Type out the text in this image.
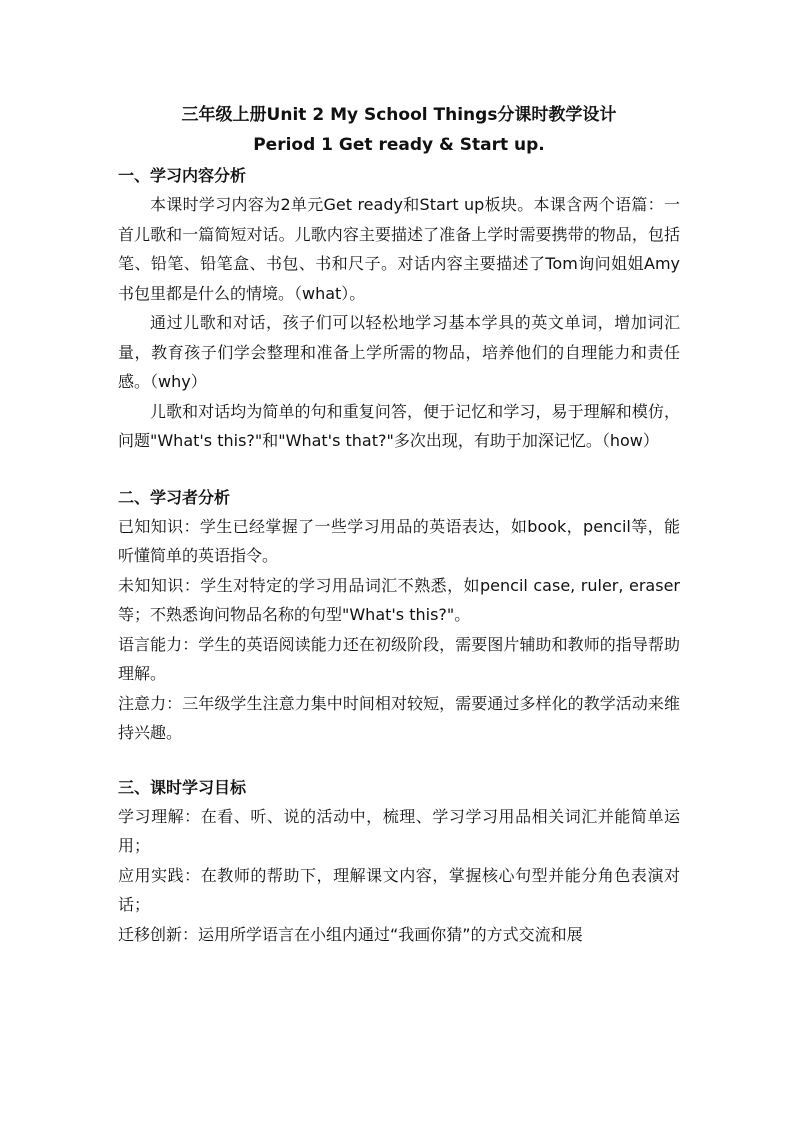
三年级上册Unit 2 My School Things分课时教学设计

Period 1 Get ready & Start up.

一、学习内容分析

本课时学习内容为2单元Get ready和Start up板块。本课含两个语篇：一首儿歌和一篇简短对话。儿歌内容主要描述了准备上学时需要携带的物品，包括笔、铅笔、铅笔盒、书包、书和尺子。对话内容主要描述了Tom询问姐姐Amy书包里都是什么的情境。（what）。

通过儿歌和对话，孩子们可以轻松地学习基本学具的英文单词，增加词汇量，教育孩子们学会整理和准备上学所需的物品，培养他们的自理能力和责任感。（why）

儿歌和对话均为简单的句和重复问答，便于记忆和学习，易于理解和模仿，问题"What's this?"和"What's that?"多次出现，有助于加深记忆。（how）

二、学习者分析

已知知识：学生已经掌握了一些学习用品的英语表达，如book，pencil等，能听懂简单的英语指令。

未知知识：学生对特定的学习用品词汇不熟悉，如pencil case, ruler, eraser等；不熟悉询问物品名称的句型"What's this?"。

语言能力：学生的英语阅读能力还在初级阶段，需要图片辅助和教师的指导帮助理解。

注意力：三年级学生注意力集中时间相对较短，需要通过多样化的教学活动来维持兴趣。

三、课时学习目标

学习理解：在看、听、说的活动中，梳理、学习学习用品相关词汇并能简单运用；

应用实践：在教师的帮助下，理解课文内容，掌握核心句型并能分角色表演对话；

迁移创新：运用所学语言在小组内通过“我画你猜”的方式交流和展
